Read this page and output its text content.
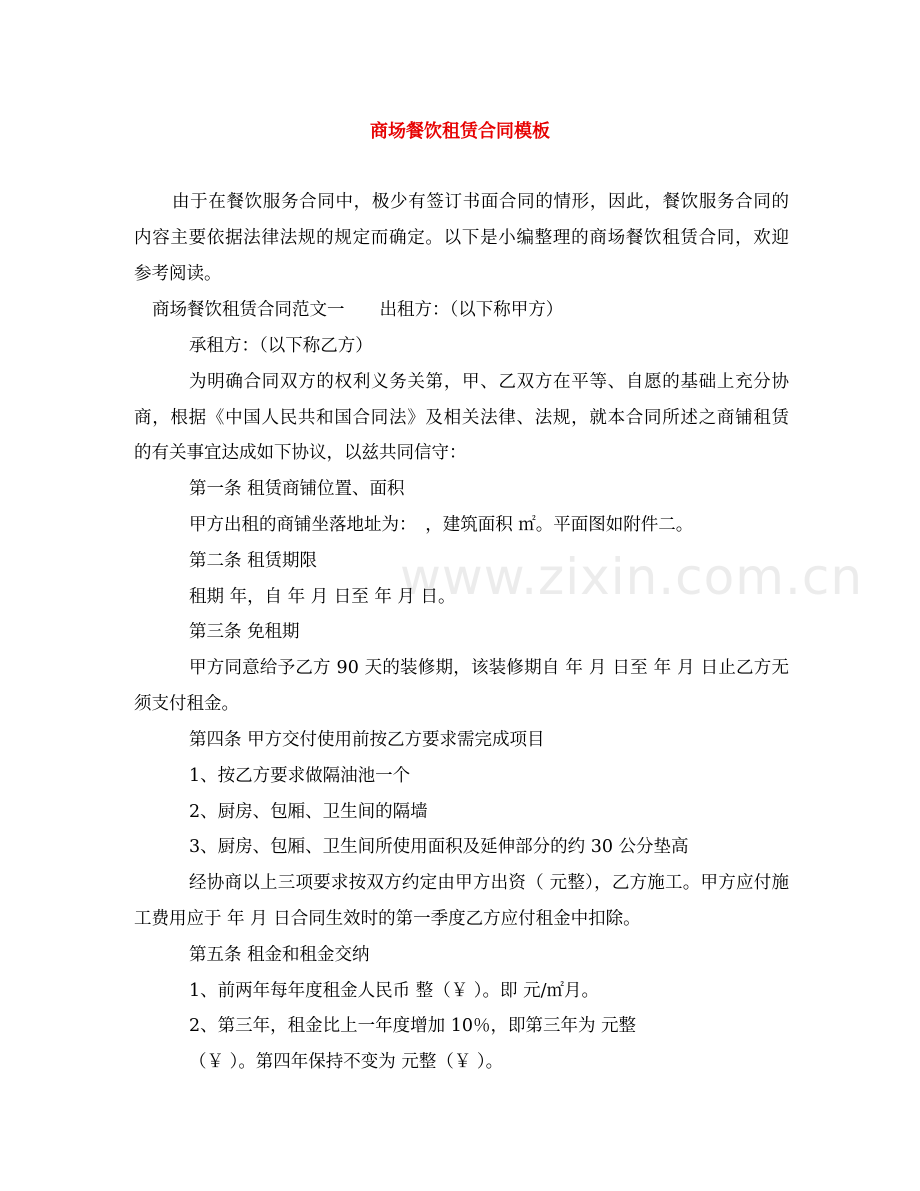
www.zixin.com.cn
商场餐饮租赁合同模板
由于在餐饮服务合同中，极少有签订书面合同的情形，因此，餐饮服务合同的
内容主要依据法律法规的规定而确定。以下是小编整理的商场餐饮租赁合同，欢迎
参考阅读。
商场餐饮租赁合同范文一　　出租方：（以下称甲方）
承租方：（以下称乙方）
为明确合同双方的权利义务关第，甲、乙双方在平等、自愿的基础上充分协
商，根据《中国人民共和国合同法》及相关法律、法规，就本合同所述之商铺租赁
的有关事宜达成如下协议，以兹共同信守：
第一条 租赁商铺位置、面积
甲方出租的商铺坐落地址为：　，建筑面积 ㎡。平面图如附件二。
第二条 租赁期限
租期 年，自 年 月 日至 年 月 日。
第三条 免租期
甲方同意给予乙方 90 天的装修期，该装修期自 年 月 日至 年 月 日止乙方无
须支付租金。
第四条 甲方交付使用前按乙方要求需完成项目
1、按乙方要求做隔油池一个
2、厨房、包厢、卫生间的隔墙
3、厨房、包厢、卫生间所使用面积及延伸部分的约 30 公分垫高
经协商以上三项要求按双方约定由甲方出资（ 元整），乙方施工。甲方应付施
工费用应于 年 月 日合同生效时的第一季度乙方应付租金中扣除。
第五条 租金和租金交纳
1、前两年每年度租金人民币 整（￥ ）。即 元/㎡月。
2、第三年，租金比上一年度增加 10％，即第三年为 元整
（￥ ）。第四年保持不变为 元整（￥ ）。
